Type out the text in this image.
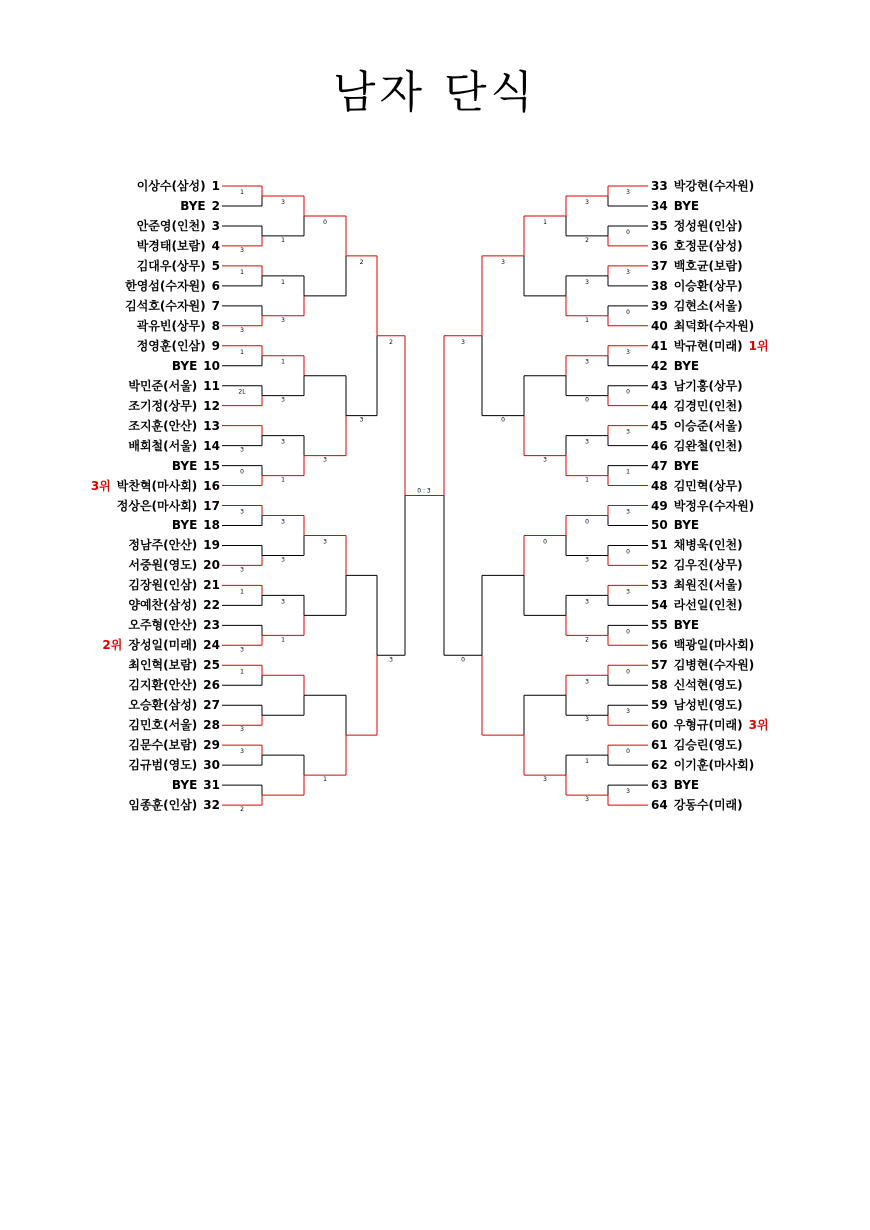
남자 단식
이상수(삼성) 1
BYE 2
안준영(인천) 3
박경태(보람) 4
김대우(상무) 5
한영섬(수자원) 6
김석호(수자원) 7
곽유빈(상무) 8
정영훈(인삼) 9
BYE 10
박민준(서울) 11
조기정(상무) 12
조지훈(안산) 13
배회철(서울) 14
BYE 15
3위 박찬혁(마사회) 16
정상은(마사회) 17
BYE 18
정남주(안산) 19
서중원(영도) 20
김장원(인삼) 21
양예찬(삼성) 22
오주형(안산) 23
2위 장성일(미래) 24
최인혁(보람) 25
김지환(안산) 26
오승환(삼성) 27
김민호(서울) 28
김문수(보람) 29
김규범(영도) 30
BYE 31
임종훈(인삼) 32
33 박강현(수자원)
34 BYE
35 정성원(인삼)
36 호정문(삼성)
37 백호균(보람)
38 이승환(상무)
39 김현소(서울)
40 최덕화(수자원)
41 박규현(미래) 1위
42 BYE
43 남기홍(상무)
44 김경민(인천)
45 이승준(서울)
46 김완철(인천)
47 BYE
48 김민혁(상무)
49 박정우(수자원)
50 BYE
51 채병욱(인천)
52 김우진(상무)
53 최원진(서울)
54 라선일(인천)
55 BYE
56 백광일(마사회)
57 김병현(수자원)
58 신석현(영도)
59 남성빈(영도)
60 우형규(미래) 3위
61 김승린(영도)
62 이기훈(마사회)
63 BYE
64 강동수(미래)
1
3
1
3
1
2L
3
0
3
3
1
3
1
3
3
2
3
1
1
3
1
3
3
1
3
3
3
1
0
3
3
1
2
3
2
3
3
0
3
0
3
0
3
1
3
0
3
0
0
3
0
3
3
2
3
1
3
0
3
1
0
3
3
2
3
3
1
3
1
3
0
3
3
0
3
0
0 : 3
